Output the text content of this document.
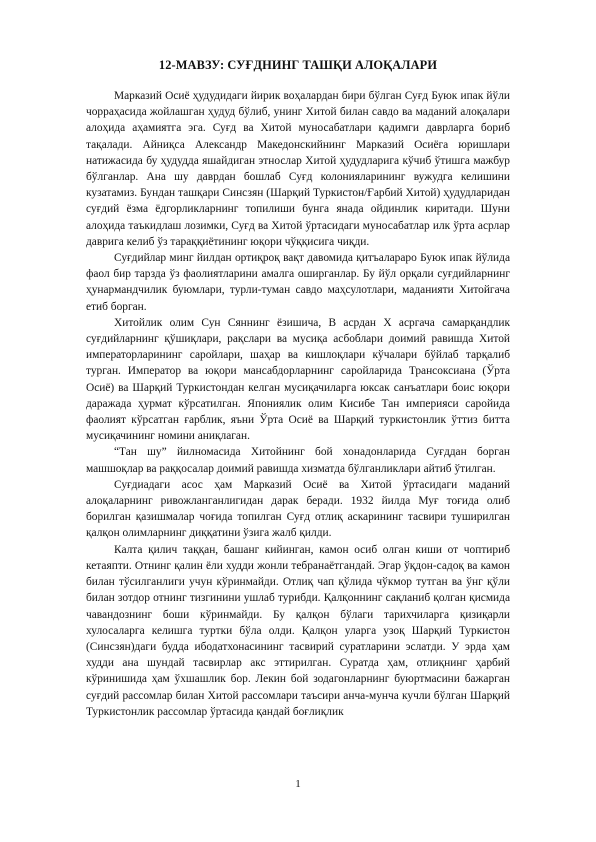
12-МАВЗУ: СУҒДНИНГ ТАШҚИ АЛОҚАЛАРИ

Марказий Осиё ҳудудидаги йирик воҳалардан бири бўлган Суғд Буюк ипак йўли чорраҳасида жойлашган ҳудуд бўлиб, унинг Хитой билан савдо ва маданий алоқалари алоҳида аҳамиятга эга. Суғд ва Хитой муносабатлари қадимги даврларга бориб тақалади. Айниқса Александр Македонскийнинг Марказий Осиёга юришлари натижасида бу ҳудудда яшайдиган этнослар Хитой ҳудудларига кўчиб ўтишга мажбур бўлганлар. Ана шу даврдан бошлаб Суғд колонияларининг вужудга келишини кузатамиз. Бундан ташқари Синсзян (Шарқий Туркистон/Ғарбий Хитой) ҳудудларидан суғдий ёзма ёдгорликларнинг топилиши бунга янада ойдинлик киритади. Шуни алоҳида таъкидлаш лозимки, Суғд ва Хитой ўртасидаги муносабатлар илк ўрта асрлар даврига келиб ўз тараққиётининг юқори чўққисига чиқди.

Суғдийлар минг йилдан ортиқроқ вақт давомида қитъалараро Буюк ипак йўлида фаол бир тарзда ўз фаолиятларини амалга оширганлар. Бу йўл орқали суғдийларнинг ҳунармандчилик буюмлари, турли-туман савдо маҳсулотлари, маданияти Хитойгача етиб борган.

Хитойлик олим Сун Сяннинг ёзишича, В асрдан X асргача самарқандлик суғдийларнинг қўшиқлари, рақслари ва мусиқа асбоблари доимий равишда Хитой императорларининг саройлари, шаҳар ва кишлоқлари кўчалари бўйлаб тарқалиб турган. Император ва юқори мансабдорларнинг саройларида Трансоксиана (Ўрта Осиё) ва Шарқий Туркистондан келган мусиқачиларга юксак санъатлари боис юқори даражада ҳурмат кўрсатилган. Япониялик олим Кисибе Тан империяси саройида фаолият кўрсатган ғарблик, яъни Ўрта Осиё ва Шарқий туркистонлик ўттиз битта мусиқачининг номини аниқлаган.

“Тан шу” йилномасида Хитойнинг бой хонадонларида Суғддан борган машшоқлар ва раққосалар доимий равишда хизматда бўлганликлари айтиб ўтилган.

Суғдиадаги асос ҳам Марказий Осиё ва Хитой ўртасидаги маданий алоқаларнинг ривожланганлигидан дарак беради. 1932 йилда Муғ тоғида олиб борилган қазишмалар чоғида топилган Суғд отлиқ аскарининг тасвири туширилган қалқон олимларнинг диққатини ўзига жалб қилди.

Калта қилич таққан, башанг кийинган, камон осиб олган киши от чоптириб кетаяпти. Отнинг қалин ёли худди жонли тебранаётгандай. Эгар ўқдон-садоқ ва камон билан тўсилганлиги учун кўринмайди. Отлиқ чап қўлида чўкмор тутган ва ўнг қўли билан зотдор отнинг тизгинини ушлаб турибди. Қалқоннинг сақланиб қолган қисмида чавандознинг боши кўринмайди. Бу қалқон бўлаги тарихчиларга қизиқарли хулосаларга келишга туртки бўла олди. Қалқон уларга узоқ Шарқий Туркистон (Синсзян)даги будда ибодатхонасининг тасвирий суратларини эслатди. У эрда ҳам худди ана шундай тасвирлар акс эттирилган. Суратда ҳам, отлиқнинг ҳарбий кўринишида ҳам ўхшашлик бор. Лекин бой зодагонларнинг буюртмасини бажарган суғдий рассомлар билан Хитой рассомлари таъсири анча-мунча кучли бўлган Шарқий Туркистонлик рассомлар ўртасида қандай боғлиқлик

1
